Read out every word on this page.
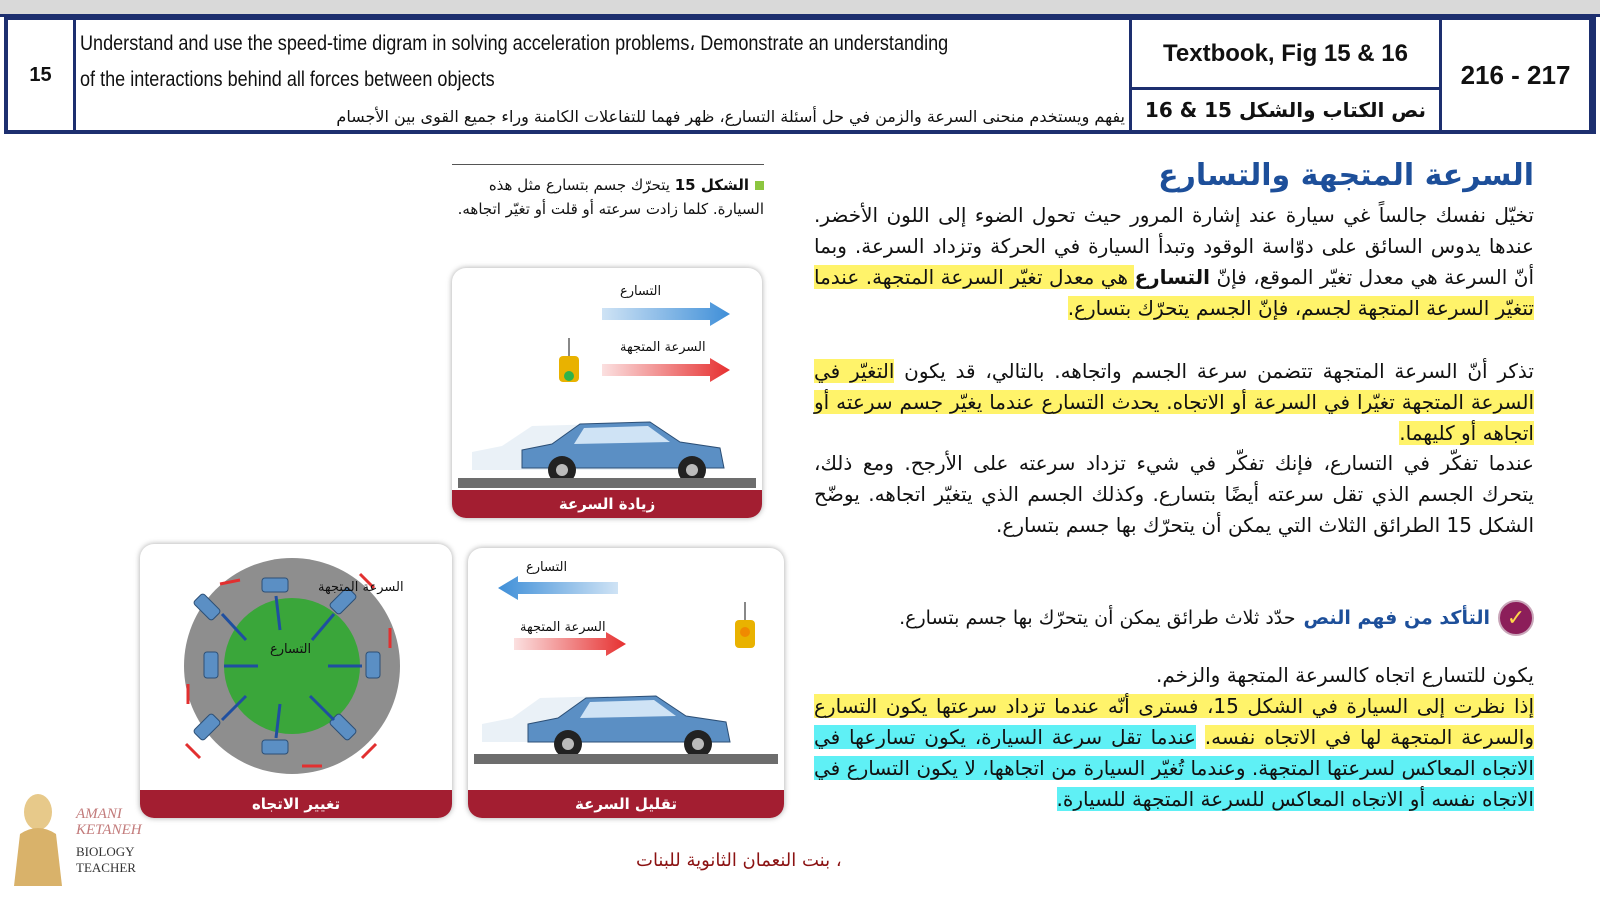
15
Understand and use the speed-time digram in solving acceleration problems، Demonstrate an understanding of the interactions behind all forces between objects
يفهم ويستخدم منحنى السرعة والزمن في حل أسئلة التسارع، ظهر فهما للتفاعلات الكامنة وراء جميع القوى بين الأجسام
Textbook, Fig 15 & 16
نص الكتاب والشكل 15 & 16
216 - 217
السرعة المتجهة والتسارع
تخيّل نفسك جالساً غي سيارة عند إشارة المرور حيث تحول الضوء إلى اللون الأخضر. عندها يدوس السائق على دوّاسة الوقود وتبدأ السيارة في الحركة وتزداد السرعة. وبما أنّ السرعة هي معدل تغيّر الموقع، فإنّ التسارع هي معدل تغيّر السرعة المتجهة. عندما تتغيّر السرعة المتجهة لجسم، فإنّ الجسم يتحرّك بتسارع.
تذكر أنّ السرعة المتجهة تتضمن سرعة الجسم واتجاهه. بالتالي، قد يكون التغيّر في السرعة المتجهة تغيّرا في السرعة أو الاتجاه. يحدث التسارع عندما يغيّر جسم سرعته أو اتجاهه أو كليهما.
عندما تفكّر في التسارع، فإنك تفكّر في شيء تزداد سرعته على الأرجح. ومع ذلك، يتحرك الجسم الذي تقل سرعته أيضًا بتسارع. وكذلك الجسم الذي يتغيّر اتجاهه. يوضّح الشكل 15 الطرائق الثلاث التي يمكن أن يتحرّك بها جسم بتسارع.
✓
التأكد من فهم النص
حدّد ثلاث طرائق يمكن أن يتحرّك بها جسم بتسارع.
يكون للتسارع اتجاه كالسرعة المتجهة والزخم.
إذا نظرت إلى السيارة في الشكل 15، فسترى أنّه عندما تزداد سرعتها يكون التسارع والسرعة المتجهة لها في الاتجاه نفسه. عندما تقل سرعة السيارة، يكون تسارعها في الاتجاه المعاكس لسرعتها المتجهة. وعندما تُغيّر السيارة من اتجاهها، لا يكون التسارع في الاتجاه نفسه أو الاتجاه المعاكس للسرعة المتجهة للسيارة.
الشكل 15 يتحرّك جسم بتسارع مثل هذه السيارة. كلما زادت سرعته أو قلت أو تغيّر اتجاهه.
التسارع
السرعة المتجهة
زيادة السرعة
التسارع
السرعة المتجهة
تقليل السرعة
التسارع
السرعة المتجهة
تغيير الاتجاه
AMANI KETANEH
BIOLOGY TEACHER	، بنت النعمان الثانوية للبنات
